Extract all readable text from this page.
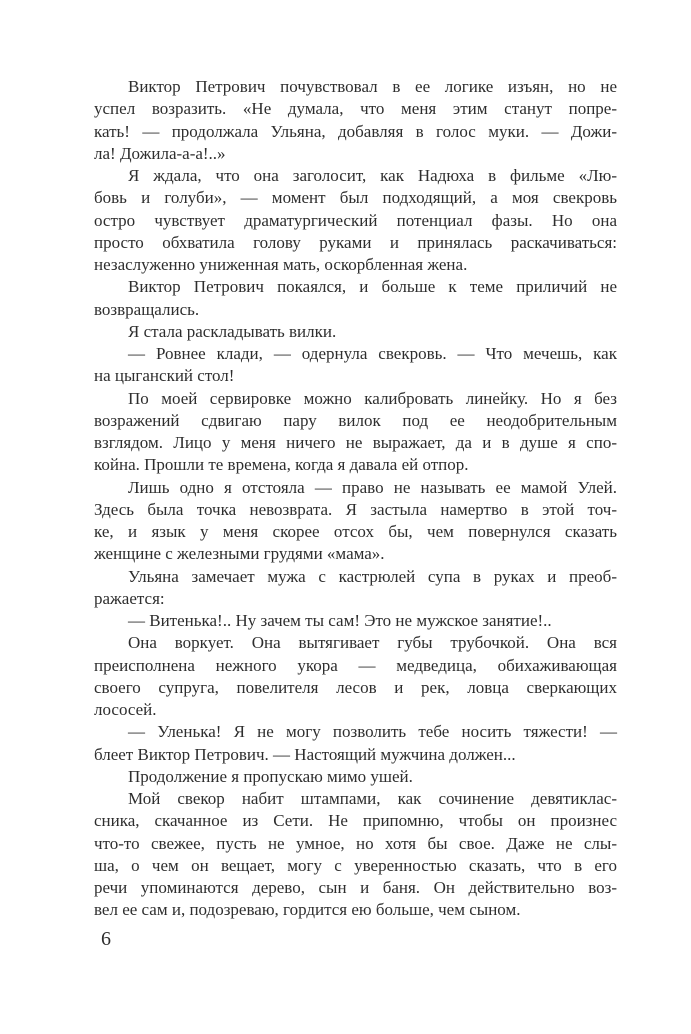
Виктор Петрович почувствовал в ее логике изъян, но не
успел возразить. «Не думала, что меня этим станут попре-
кать! — продолжала Ульяна, добавляя в голос муки. — Дожи-
ла! Дожила-а-а!..»
Я ждала, что она заголосит, как Надюха в фильме «Лю-
бовь и голуби», — момент был подходящий, а моя свекровь
остро чувствует драматургический потенциал фазы. Но она
просто обхватила голову руками и принялась раскачиваться:
незаслуженно униженная мать, оскорбленная жена.
Виктор Петрович покаялся, и больше к теме приличий не
возвращались.
Я стала раскладывать вилки.
— Ровнее клади, — одернула свекровь. — Что мечешь, как
на цыганский стол!
По моей сервировке можно калибровать линейку. Но я без
возражений сдвигаю пару вилок под ее неодобрительным
взглядом. Лицо у меня ничего не выражает, да и в душе я спо-
койна. Прошли те времена, когда я давала ей отпор.
Лишь одно я отстояла — право не называть ее мамой Улей.
Здесь была точка невозврата. Я застыла намертво в этой точ-
ке, и язык у меня скорее отсох бы, чем повернулся сказать
женщине с железными грудями «мама».
Ульяна замечает мужа с кастрюлей супа в руках и преоб-
ражается:
— Витенька!.. Ну зачем ты сам! Это не мужское занятие!..
Она воркует. Она вытягивает губы трубочкой. Она вся
преисполнена нежного укора — медведица, обихаживающая
своего супруга, повелителя лесов и рек, ловца сверкающих
лососей.
— Уленька! Я не могу позволить тебе носить тяжести! —
блеет Виктор Петрович. — Настоящий мужчина должен...
Продолжение я пропускаю мимо ушей.
Мой свекор набит штампами, как сочинение девятиклас-
сника, скачанное из Сети. Не припомню, чтобы он произнес
что-то свежее, пусть не умное, но хотя бы свое. Даже не слы-
ша, о чем он вещает, могу с уверенностью сказать, что в его
речи упоминаются дерево, сын и баня. Он действительно воз-
вел ее сам и, подозреваю, гордится ею больше, чем сыном.
6
